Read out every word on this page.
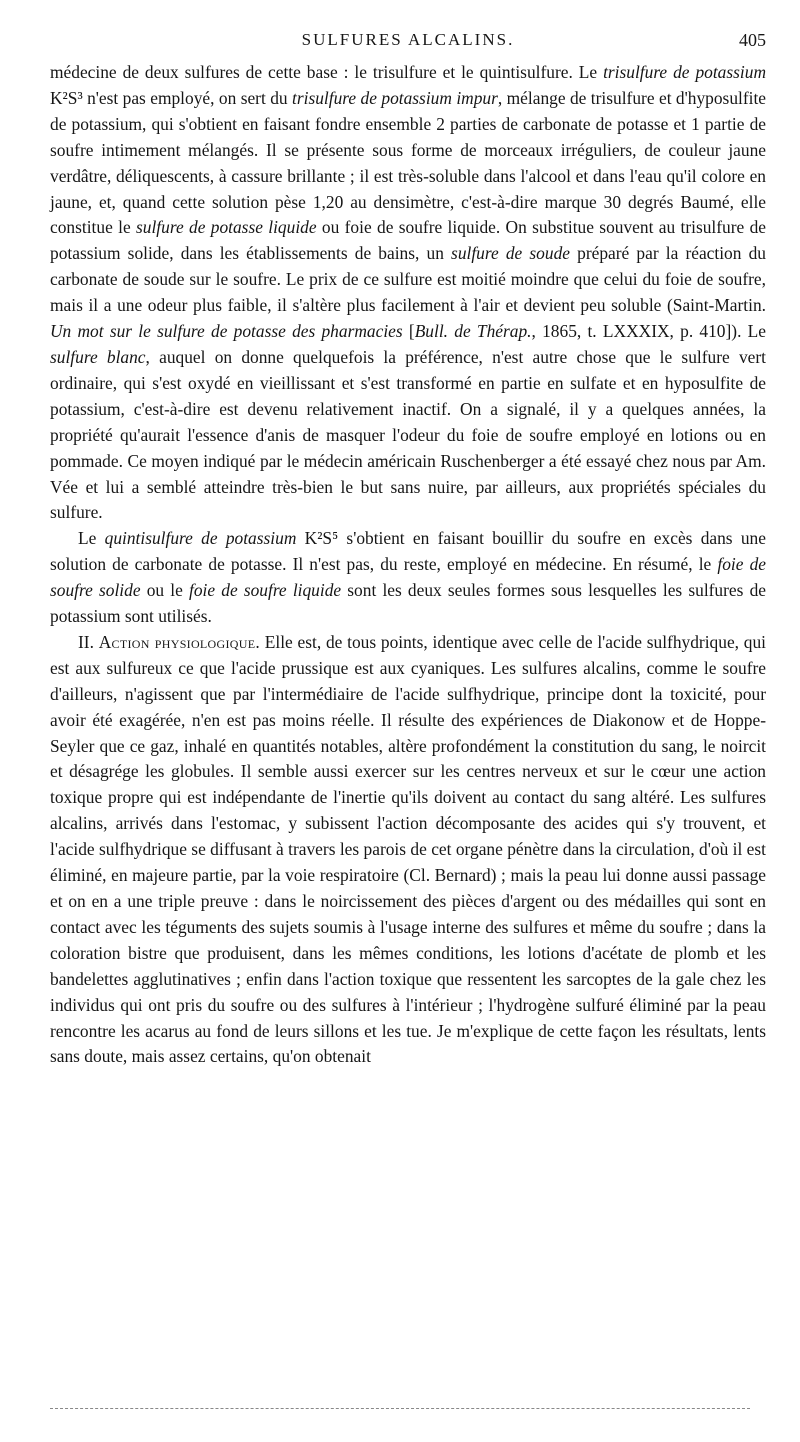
SULFURES ALCALINS.	405

médecine de deux sulfures de cette base : le trisulfure et le quintisulfure. Le trisulfure de potassium K²S³ n'est pas employé, on sert du trisulfure de potassium impur, mélange de trisulfure et d'hyposulfite de potassium, qui s'obtient en faisant fondre ensemble 2 parties de carbonate de potasse et 1 partie de soufre intimement mélangés. Il se présente sous forme de morceaux irréguliers, de couleur jaune verdâtre, déliquescents, à cassure brillante ; il est très-soluble dans l'alcool et dans l'eau qu'il colore en jaune, et, quand cette solution pèse 1,20 au densimètre, c'est-à-dire marque 30 degrés Baumé, elle constitue le sulfure de potasse liquide ou foie de soufre liquide. On substitue souvent au trisulfure de potassium solide, dans les établissements de bains, un sulfure de soude préparé par la réaction du carbonate de soude sur le soufre. Le prix de ce sulfure est moitié moindre que celui du foie de soufre, mais il a une odeur plus faible, il s'altère plus facilement à l'air et devient peu soluble (Saint-Martin. Un mot sur le sulfure de potasse des pharmacies [Bull. de Thérap., 1865, t. LXXXIX, p. 410]). Le sulfure blanc, auquel on donne quelquefois la préférence, n'est autre chose que le sulfure vert ordinaire, qui s'est oxydé en vieillissant et s'est transformé en partie en sulfate et en hyposulfite de potassium, c'est-à-dire est devenu relativement inactif. On a signalé, il y a quelques années, la propriété qu'aurait l'essence d'anis de masquer l'odeur du foie de soufre employé en lotions ou en pommade. Ce moyen indiqué par le médecin américain Ruschenberger a été essayé chez nous par Am. Vée et lui a semblé atteindre très-bien le but sans nuire, par ailleurs, aux propriétés spéciales du sulfure.

Le quintisulfure de potassium K²S⁵ s'obtient en faisant bouillir du soufre en excès dans une solution de carbonate de potasse. Il n'est pas, du reste, employé en médecine. En résumé, le foie de soufre solide ou le foie de soufre liquide sont les deux seules formes sous lesquelles les sulfures de potassium sont utilisés.

II. Action physiologique. Elle est, de tous points, identique avec celle de l'acide sulfhydrique, qui est aux sulfureux ce que l'acide prussique est aux cyaniques. Les sulfures alcalins, comme le soufre d'ailleurs, n'agissent que par l'intermédiaire de l'acide sulfhydrique, principe dont la toxicité, pour avoir été exagérée, n'en est pas moins réelle. Il résulte des expériences de Diakonow et de Hoppe-Seyler que ce gaz, inhalé en quantités notables, altère profondément la constitution du sang, le noircit et désagrége les globules. Il semble aussi exercer sur les centres nerveux et sur le cœur une action toxique propre qui est indépendante de l'inertie qu'ils doivent au contact du sang altéré. Les sulfures alcalins, arrivés dans l'estomac, y subissent l'action décomposante des acides qui s'y trouvent, et l'acide sulfhydrique se diffusant à travers les parois de cet organe pénètre dans la circulation, d'où il est éliminé, en majeure partie, par la voie respiratoire (Cl. Bernard) ; mais la peau lui donne aussi passage et on en a une triple preuve : dans le noircissement des pièces d'argent ou des médailles qui sont en contact avec les téguments des sujets soumis à l'usage interne des sulfures et même du soufre ; dans la coloration bistre que produisent, dans les mêmes conditions, les lotions d'acétate de plomb et les bandelettes agglutinatives ; enfin dans l'action toxique que ressentent les sarcoptes de la gale chez les individus qui ont pris du soufre ou des sulfures à l'intérieur ; l'hydrogène sulfuré éliminé par la peau rencontre les acarus au fond de leurs sillons et les tue. Je m'explique de cette façon les résultats, lents sans doute, mais assez certains, qu'on obtenait
